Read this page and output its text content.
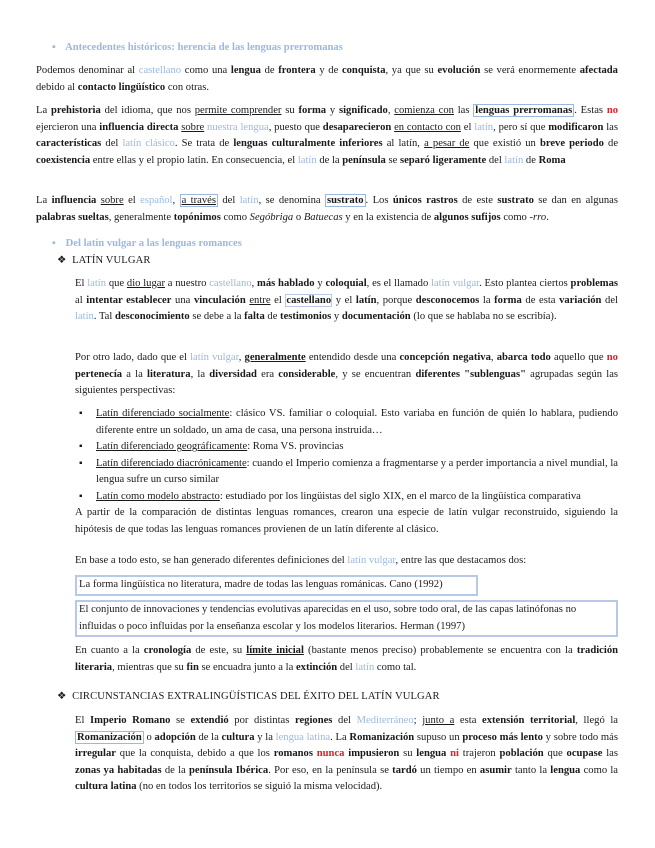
▪ Antecedentes históricos: herencia de las lenguas prerromanas
Podemos denominar al castellano como una lengua de frontera y de conquista, ya que su evolución se verá enormemente afectada debido al contacto lingüístico con otras.
La prehistoria del idioma, que nos permite comprender su forma y significado, comienza con las lenguas prerromanas . Estas no ejercieron una influencia directa sobre nuestra lengua, puesto que desaparecieron en contacto con el latín, pero sí que modificaron las características del latín clásico. Se trata de lenguas culturalmente inferiores al latín, a pesar de que existió un breve periodo de coexistencia entre ellas y el propio latín. En consecuencia, el latín de la península se separó ligeramente del latín de Roma
La influencia sobre el español, a través del latín, se denomina sustrato . Los únicos rastros de este sustrato se dan en algunas palabras sueltas, generalmente topónimos como Segóbriga o Batuecas y en la existencia de algunos sufijos como -rro.
▪ Del latín vulgar a las lenguas romances
❖ LATÍN VULGAR
El latín que dio lugar a nuestro castellano, más hablado y coloquial, es el llamado latín vulgar. Esto plantea ciertos problemas al intentar establecer una vinculación entre el castellano y el latín, porque desconocemos la forma de esta variación del latín. Tal desconocimiento se debe a la falta de testimonios y documentación (lo que se hablaba no se escribía).
Por otro lado, dado que el latín vulgar, generalmente entendido desde una concepción negativa, abarca todo aquello que no pertenecía a la literatura, la diversidad era considerable, y se encuentran diferentes "sublenguas" agrupadas según las siguientes perspectivas:
▪ Latín diferenciado socialmente: clásico VS. familiar o coloquial. Esto variaba en función de quién lo hablara, pudiendo diferente entre un soldado, un ama de casa, una persona instruida…
▪ Latín diferenciado geográficamente: Roma VS. provincias
▪ Latín diferenciado diacrónicamente: cuando el Imperio comienza a fragmentarse y a perder importancia a nivel mundial, la lengua sufre un curso similar
▪ Latín como modelo abstracto: estudiado por los lingüistas del siglo XIX, en el marco de la lingüística comparativa
A partir de la comparación de distintas lenguas romances, crearon una especie de latín vulgar reconstruido, siguiendo la hipótesis de que todas las lenguas romances provienen de un latín diferente al clásico.
En base a todo esto, se han generado diferentes definiciones del latín vulgar, entre las que destacamos dos:
La forma lingüística no literatura, madre de todas las lenguas románicas. Cano (1992)
El conjunto de innovaciones y tendencias evolutivas aparecidas en el uso, sobre todo oral, de las capas latinófonas no influidas o poco influidas por la enseñanza escolar y los modelos literarios. Herman (1997)
En cuanto a la cronología de este, su límite inicial (bastante menos preciso) probablemente se encuentra con la tradición literaria, mientras que su fin se encuadra junto a la extinción del latín como tal.
❖ CIRCUNSTANCIAS EXTRALINGÜÍSTICAS DEL ÉXITO DEL LATÍN VULGAR
El Imperio Romano se extendió por distintas regiones del Mediterráneo; junto a esta extensión territorial, llegó la Romanización o adopción de la cultura y la lengua latina. La Romanización supuso un proceso más lento y sobre todo más irregular que la conquista, debido a que los romanos nunca impusieron su lengua ni trajeron población que ocupase las zonas ya habitadas de la península Ibérica. Por eso, en la península se tardó un tiempo en asumir tanto la lengua como la cultura latina (no en todos los territorios se siguió la misma velocidad).
